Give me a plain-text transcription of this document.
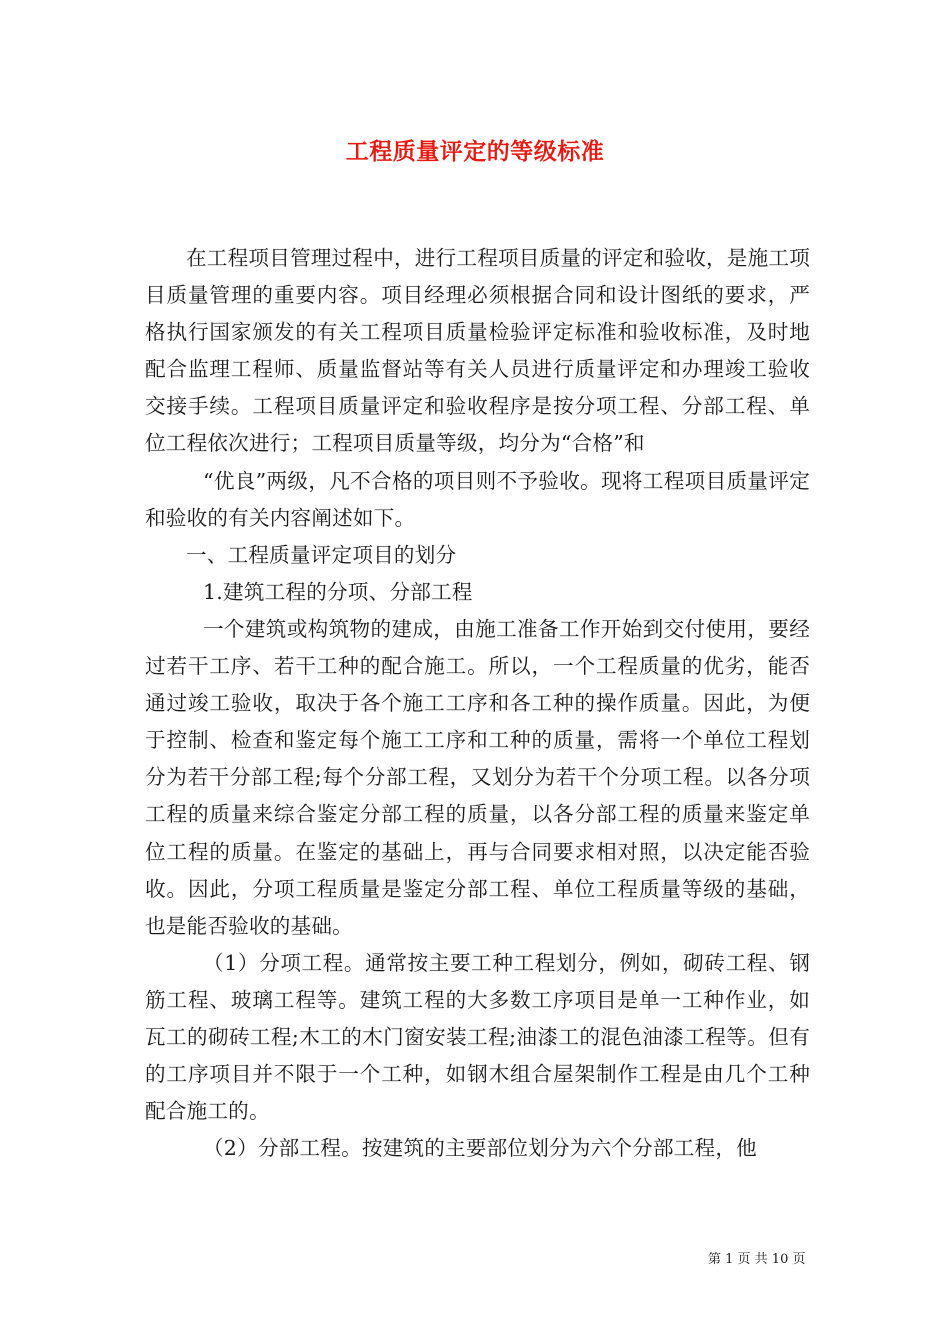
工程质量评定的等级标准

在工程项目管理过程中，进行工程项目质量的评定和验收，是施工项目质量管理的重要内容。项目经理必须根据合同和设计图纸的要求，严格执行国家颁发的有关工程项目质量检验评定标准和验收标准，及时地配合监理工程师、质量监督站等有关人员进行质量评定和办理竣工验收交接手续。工程项目质量评定和验收程序是按分项工程、分部工程、单位工程依次进行；工程项目质量等级，均分为“合格”和

“优良”两级，凡不合格的项目则不予验收。现将工程项目质量评定和验收的有关内容阐述如下。

一、工程质量评定项目的划分

1.建筑工程的分项、分部工程

一个建筑或构筑物的建成，由施工准备工作开始到交付使用，要经过若干工序、若干工种的配合施工。所以，一个工程质量的优劣，能否通过竣工验收，取决于各个施工工序和各工种的操作质量。因此，为便于控制、检查和鉴定每个施工工序和工种的质量，需将一个单位工程划分为若干分部工程;每个分部工程，又划分为若干个分项工程。以各分项工程的质量来综合鉴定分部工程的质量，以各分部工程的质量来鉴定单位工程的质量。在鉴定的基础上，再与合同要求相对照，以决定能否验收。因此，分项工程质量是鉴定分部工程、单位工程质量等级的基础，也是能否验收的基础。

（1）分项工程。通常按主要工种工程划分，例如，砌砖工程、钢筋工程、玻璃工程等。建筑工程的大多数工序项目是单一工种作业，如瓦工的砌砖工程;木工的木门窗安装工程;油漆工的混色油漆工程等。但有的工序项目并不限于一个工种，如钢木组合屋架制作工程是由几个工种配合施工的。

（2）分部工程。按建筑的主要部位划分为六个分部工程，他

第 1 页 共 10 页
